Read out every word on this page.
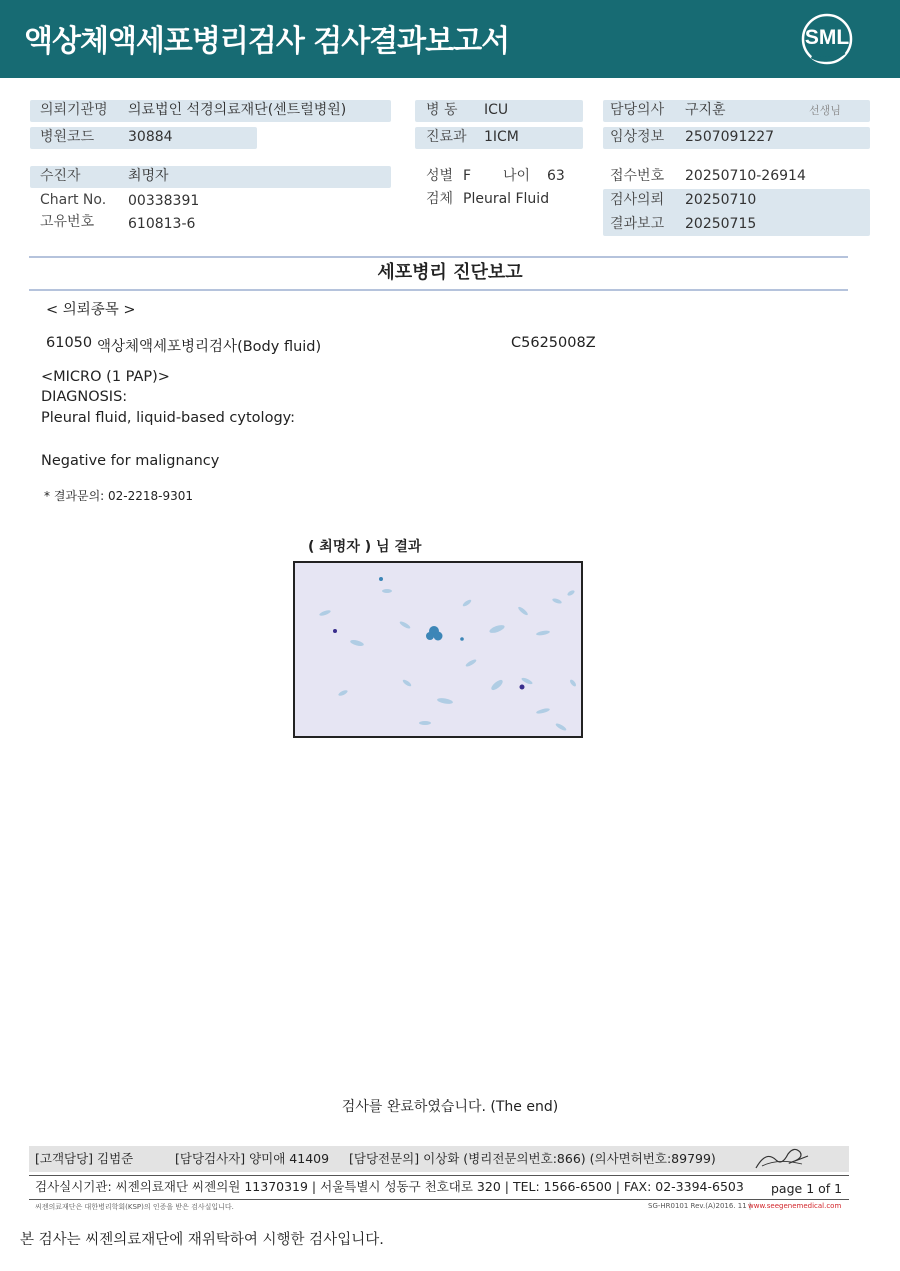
액상체액세포병리검사 검사결과보고서	SML
의뢰기관명 의료법인 석경의료재단(센트럴병원)
병원코드 30884
수진자	최명자
Chart No. 00338391
고유번호 610813-6
병 동 ICU
진료과 1ICM
성별 F 나이 63
검체 Pleural Fluid
담당의사 구지훈	선생님
임상정보 2507091227
접수번호 20250710-26914
검사의뢰 20250710
결과보고 20250715
세포병리 진단보고
< 의뢰종목 >
61050 액상체액세포병리검사(Body fluid)	C5625008Z
<MICRO (1 PAP)>
DIAGNOSIS:
Pleural fluid, liquid-based cytology:
Negative for malignancy
* 결과문의: 02-2218-9301
( 최명자 ) 님 결과
검사를 완료하였습니다. (The end)
[고객담당] 김범준	[담당검사자] 양미애 41409 [담당전문의] 이상화 (병리전문의번호:866) (의사면허번호:89799)
검사실시기관: 씨젠의료재단 씨젠의원 11370319 | 서울특별시 성동구 천호대로 320 | TEL: 1566-6500 | FAX: 02-3394-6503 page 1 of 1
씨젠의료재단은 대한병리학회(KSP)의 인증을 받은 검사실입니다.	SG-HR0101 Rev.(A)2016. 11 |
www.seegenemedical.com
본 검사는 씨젠의료재단에 재위탁하여 시행한 검사입니다.
